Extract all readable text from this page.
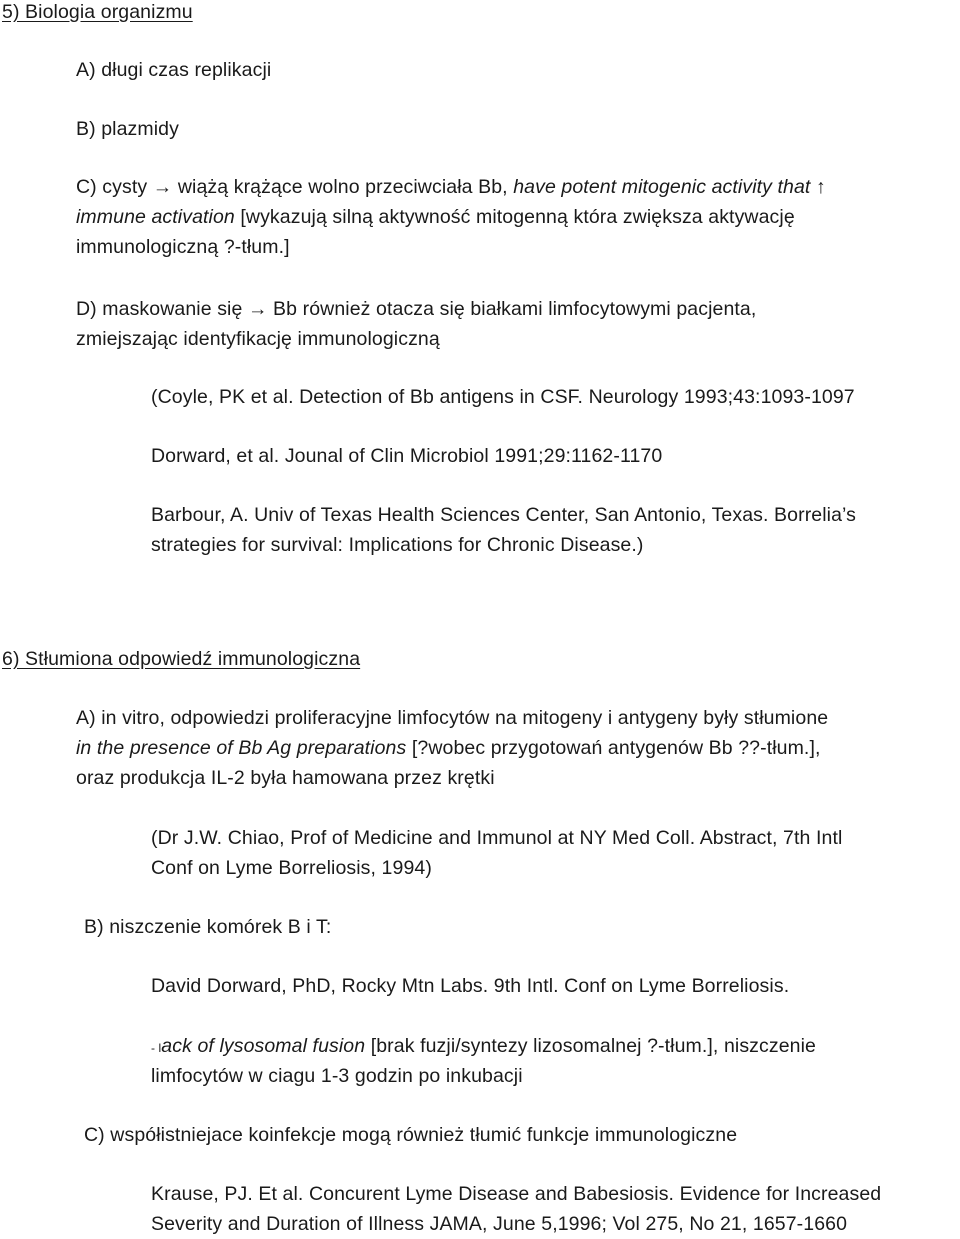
5) Biologia organizmu
A) długi czas replikacji
B) plazmidy
C) cysty → wiążą krążące wolno przeciwciała Bb, have potent mitogenic activity that ↑
immune activation [wykazują silną aktywność mitogenną która zwiększa aktywację
immunologiczną ?-tłum.]
D) maskowanie się → Bb również otacza się białkami limfocytowymi pacjenta,
zmiejszając identyfikację immunologiczną
(Coyle, PK et al. Detection of Bb antigens in CSF. Neurology 1993;43:1093-1097
Dorward, et al. Jounal of Clin Microbiol 1991;29:1162-1170
Barbour, A. Univ of Texas Health Sciences Center, San Antonio, Texas. Borrelia’s
strategies for survival: Implications for Chronic Disease.)
6) Stłumiona odpowiedź immunologiczna
A) in vitro, odpowiedzi proliferacyjne limfocytów na mitogeny i antygeny były stłumione
in the presence of Bb Ag preparations [?wobec przygotowań antygenów Bb ??-tłum.],
oraz produkcja IL-2 była hamowana przez krętki
(Dr J.W. Chiao, Prof of Medicine and Immunol at NY Med Coll. Abstract, 7th Intl
Conf on Lyme Borreliosis, 1994)
B) niszczenie komórek B i T:
David Dorward, PhD, Rocky Mtn Labs. 9th Intl. Conf on Lyme Borreliosis.
- lack of lysosomal fusion [brak fuzji/syntezy lizosomalnej ?-tłum.], niszczenie
limfocytów w ciagu 1-3 godzin po inkubacji
C) współistniejace koinfekcje mogą również tłumić funkcje immunologiczne
Krause, PJ. Et al. Concurent Lyme Disease and Babesiosis. Evidence for Increased
Severity and Duration of Illness JAMA, June 5,1996; Vol 275, No 21, 1657-1660
